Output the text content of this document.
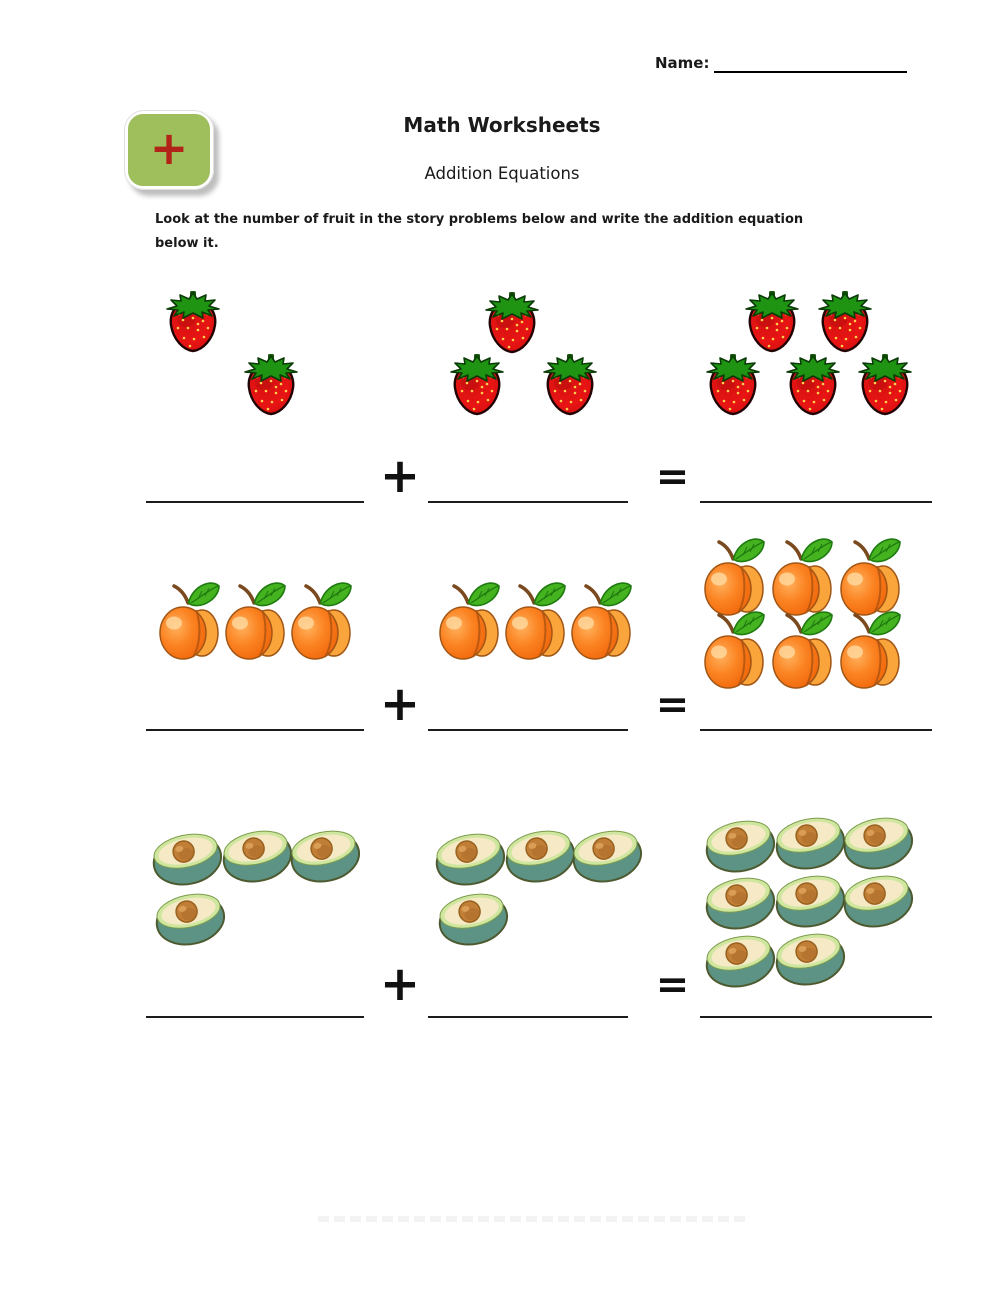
Name:
+	Math Worksheets
Addition Equations

Look at the number of fruit in the story problems below and write the addition equation
below it.

+	=
+	=
+	=
